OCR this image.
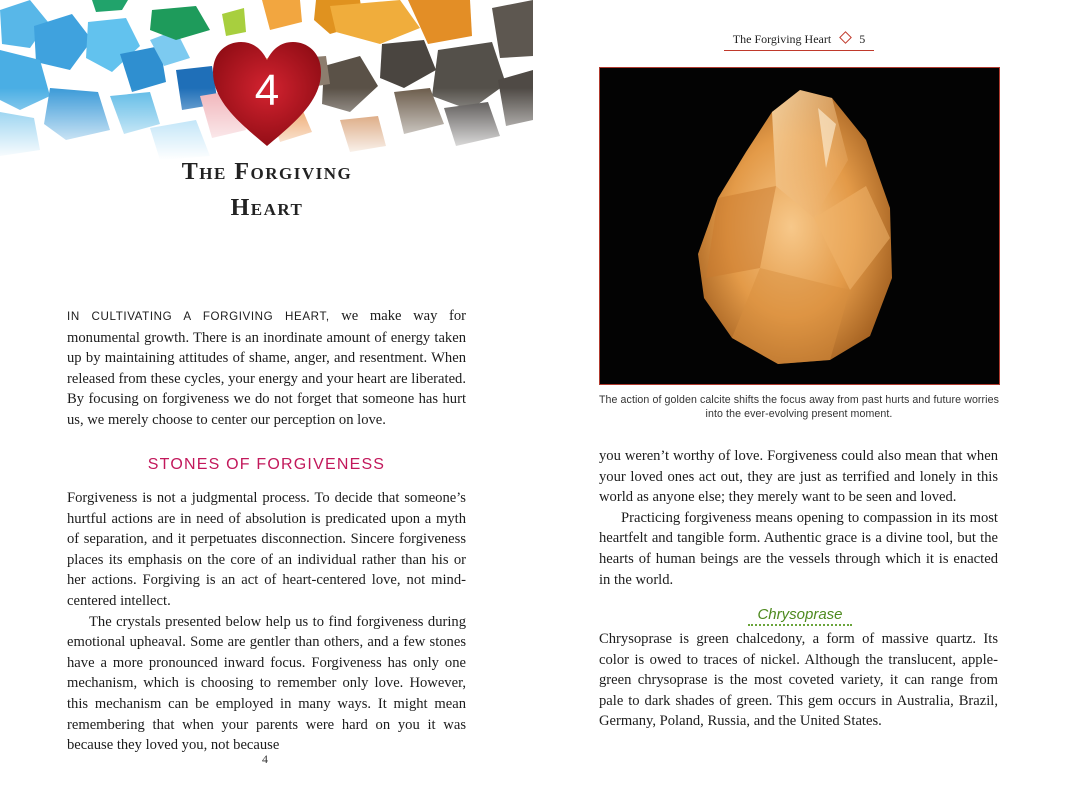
4
The Forgiving
Heart

IN CULTIVATING A FORGIVING HEART, we make way for monumental growth. There is an inordinate amount of energy taken up by maintaining attitudes of shame, anger, and resentment. When released from these cycles, your energy and your heart are liberated. By focusing on forgiveness we do not forget that someone has hurt us, we merely choose to center our perception on love.

STONES OF FORGIVENESS

Forgiveness is not a judgmental process. To decide that someone’s hurtful actions are in need of absolution is predicated upon a myth of separation, and it perpetuates disconnection. Sincere forgiveness places its emphasis on the core of an individual rather than his or her actions. Forgiving is an act of heart-centered love, not mind-centered intellect.

The crystals presented below help us to find forgiveness during emotional upheaval. Some are gentler than others, and a few stones have a more pronounced inward focus. Forgiveness has only one mechanism, which is choosing to remember only love. However, this mechanism can be employed in many ways. It might mean remembering that when your parents were hard on you it was because they loved you, not because

4
The Forgiving Heart 5
The action of golden calcite shifts the focus away from past hurts and future worries into the ever-evolving present moment.

you weren’t worthy of love. Forgiveness could also mean that when your loved ones act out, they are just as terrified and lonely in this world as anyone else; they merely want to be seen and loved.

Practicing forgiveness means opening to compassion in its most heartfelt and tangible form. Authentic grace is a divine tool, but the hearts of human beings are the vessels through which it is enacted in the world.

Chrysoprase

Chrysoprase is green chalcedony, a form of massive quartz. Its color is owed to traces of nickel. Although the translucent, apple-green chrysoprase is the most coveted variety, it can range from pale to dark shades of green. This gem occurs in Australia, Brazil, Germany, Poland, Russia, and the United States.
